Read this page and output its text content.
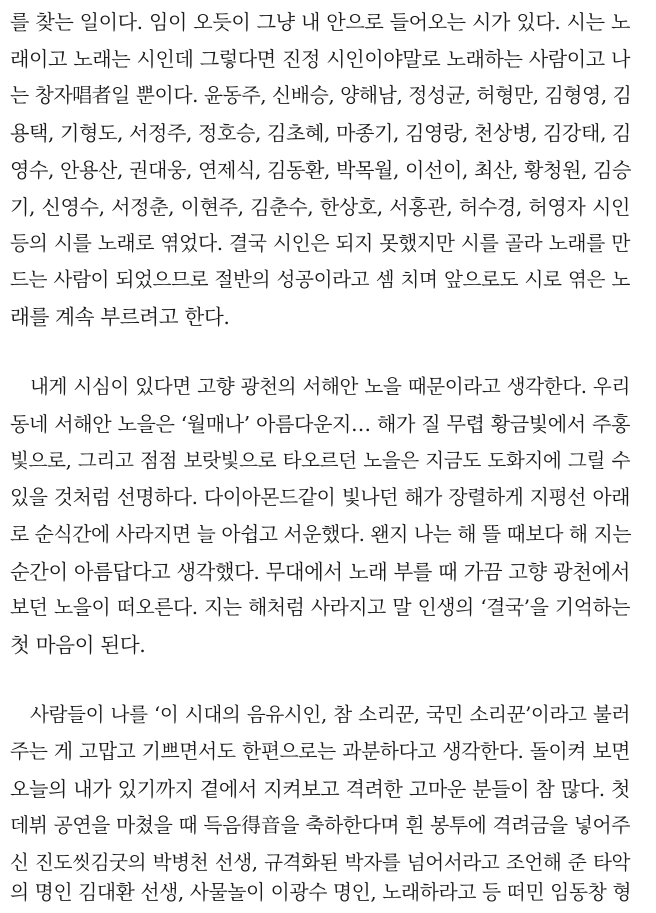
를 찾는 일이다. 임이 오듯이 그냥 내 안으로 들어오는 시가 있다. 시는 노
래이고 노래는 시인데 그렇다면 진정 시인이야말로 노래하는 사람이고 나
는 창자唱者일 뿐이다. 윤동주, 신배승, 양해남, 정성균, 허형만, 김형영, 김
용택, 기형도, 서정주, 정호승, 김초혜, 마종기, 김영랑, 천상병, 김강태, 김
영수, 안용산, 권대웅, 연제식, 김동환, 박목월, 이선이, 최산, 황청원, 김승
기, 신영수, 서정춘, 이현주, 김춘수, 한상호, 서홍관, 허수경, 허영자 시인
등의 시를 노래로 엮었다. 결국 시인은 되지 못했지만 시를 골라 노래를 만
드는 사람이 되었으므로 절반의 성공이라고 셈 치며 앞으로도 시로 엮은 노
래를 계속 부르려고 한다.
내게 시심이 있다면 고향 광천의 서해안 노을 때문이라고 생각한다. 우리
동네 서해안 노을은 ‘월매나’ 아름다운지… 해가 질 무렵 황금빛에서 주홍
빛으로, 그리고 점점 보랏빛으로 타오르던 노을은 지금도 도화지에 그릴 수
있을 것처럼 선명하다. 다이아몬드같이 빛나던 해가 장렬하게 지평선 아래
로 순식간에 사라지면 늘 아쉽고 서운했다. 왠지 나는 해 뜰 때보다 해 지는
순간이 아름답다고 생각했다. 무대에서 노래 부를 때 가끔 고향 광천에서
보던 노을이 떠오른다. 지는 해처럼 사라지고 말 인생의 ‘결국’을 기억하는
첫 마음이 된다.
사람들이 나를 ‘이 시대의 음유시인, 참 소리꾼, 국민 소리꾼’이라고 불러
주는 게 고맙고 기쁘면서도 한편으로는 과분하다고 생각한다. 돌이켜 보면
오늘의 내가 있기까지 곁에서 지켜보고 격려한 고마운 분들이 참 많다. 첫
데뷔 공연을 마쳤을 때 득음得音을 축하한다며 흰 봉투에 격려금을 넣어주
신 진도씻김굿의 박병천 선생, 규격화된 박자를 넘어서라고 조언해 준 타악
의 명인 김대환 선생, 사물놀이 이광수 명인, 노래하라고 등 떠민 임동창 형
